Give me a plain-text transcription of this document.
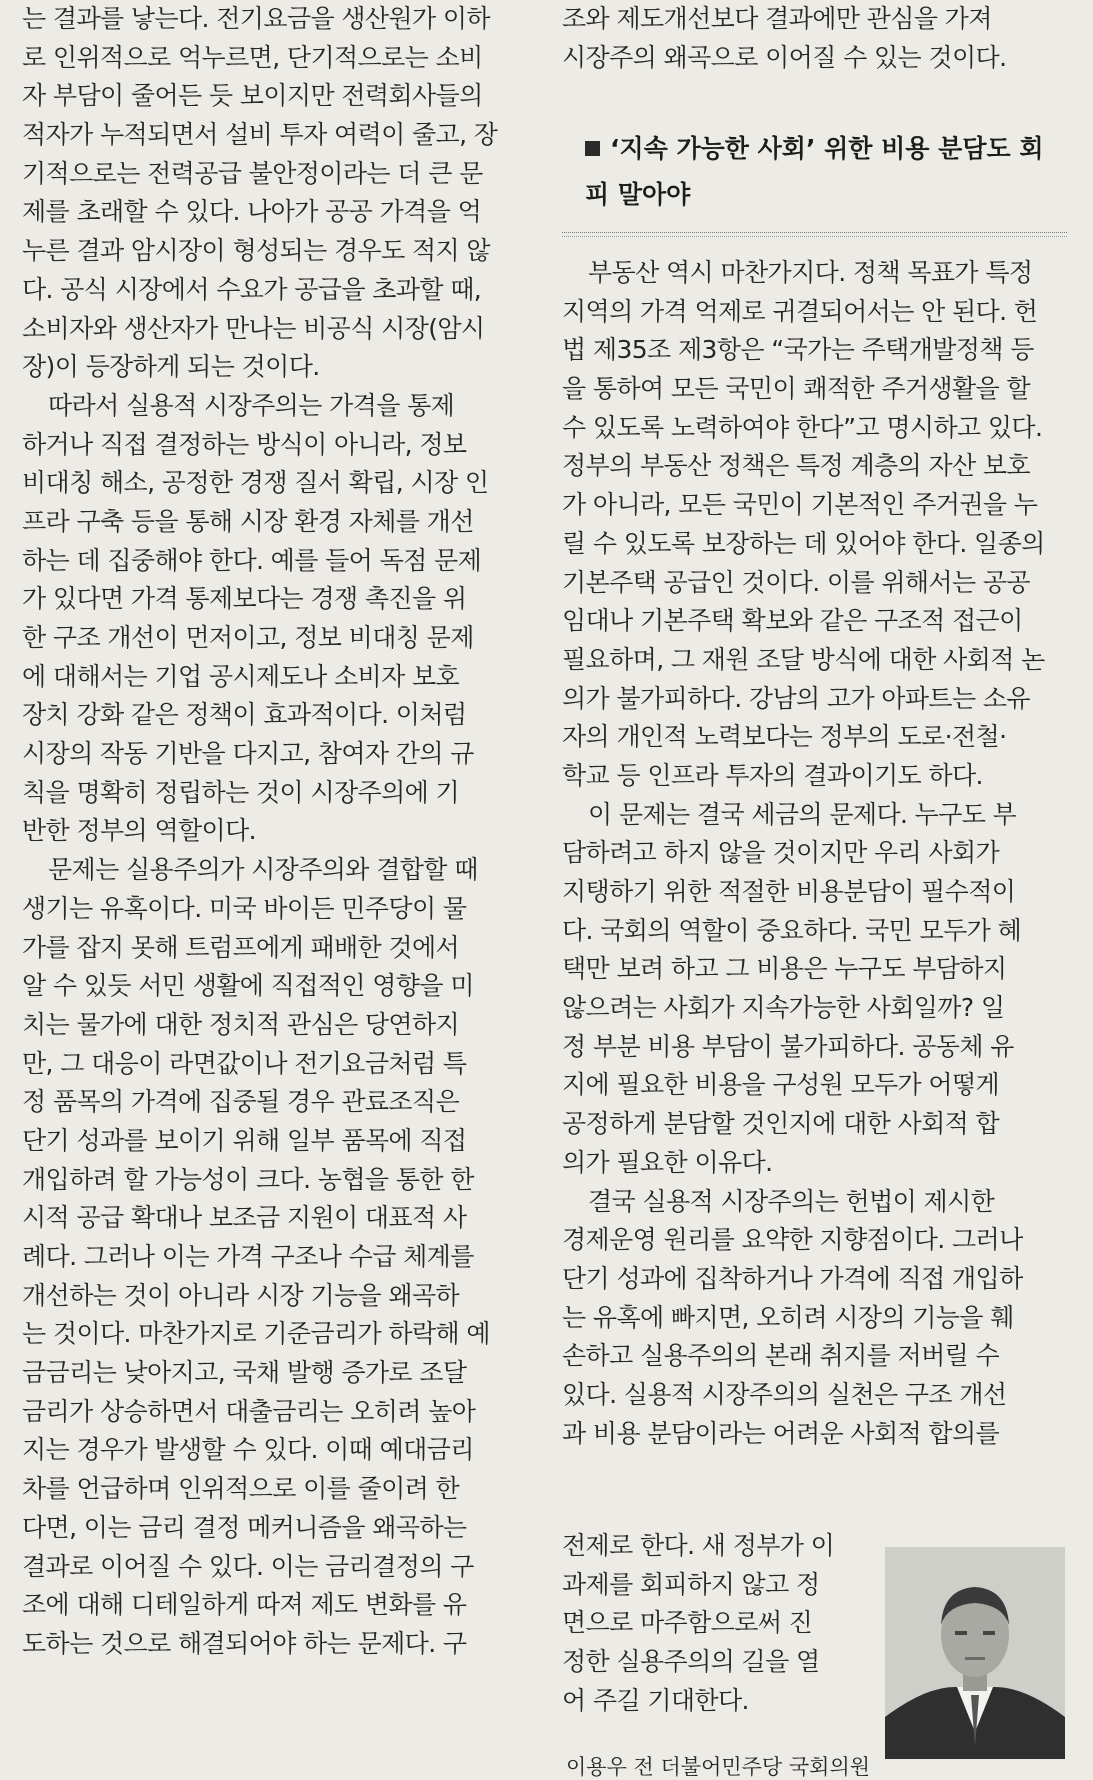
는 결과를 낳는다. 전기요금을 생산원가 이하

로 인위적으로 억누르면, 단기적으로는 소비

자 부담이 줄어든 듯 보이지만 전력회사들의

적자가 누적되면서 설비 투자 여력이 줄고, 장

기적으로는 전력공급 불안정이라는 더 큰 문

제를 초래할 수 있다. 나아가 공공 가격을 억

누른 결과 암시장이 형성되는 경우도 적지 않

다. 공식 시장에서 수요가 공급을 초과할 때,

소비자와 생산자가 만나는 비공식 시장(암시

장)이 등장하게 되는 것이다.

따라서 실용적 시장주의는 가격을 통제

하거나 직접 결정하는 방식이 아니라, 정보

비대칭 해소, 공정한 경쟁 질서 확립, 시장 인

프라 구축 등을 통해 시장 환경 자체를 개선

하는 데 집중해야 한다. 예를 들어 독점 문제

가 있다면 가격 통제보다는 경쟁 촉진을 위

한 구조 개선이 먼저이고, 정보 비대칭 문제

에 대해서는 기업 공시제도나 소비자 보호

장치 강화 같은 정책이 효과적이다. 이처럼

시장의 작동 기반을 다지고, 참여자 간의 규

칙을 명확히 정립하는 것이 시장주의에 기

반한 정부의 역할이다.

문제는 실용주의가 시장주의와 결합할 때

생기는 유혹이다. 미국 바이든 민주당이 물

가를 잡지 못해 트럼프에게 패배한 것에서

알 수 있듯 서민 생활에 직접적인 영향을 미

치는 물가에 대한 정치적 관심은 당연하지

만, 그 대응이 라면값이나 전기요금처럼 특

정 품목의 가격에 집중될 경우 관료조직은

단기 성과를 보이기 위해 일부 품목에 직접

개입하려 할 가능성이 크다. 농협을 통한 한

시적 공급 확대나 보조금 지원이 대표적 사

례다. 그러나 이는 가격 구조나 수급 체계를

개선하는 것이 아니라 시장 기능을 왜곡하

는 것이다. 마찬가지로 기준금리가 하락해 예

금금리는 낮아지고, 국채 발행 증가로 조달

금리가 상승하면서 대출금리는 오히려 높아

지는 경우가 발생할 수 있다. 이때 예대금리

차를 언급하며 인위적으로 이를 줄이려 한

다면, 이는 금리 결정 메커니즘을 왜곡하는

결과로 이어질 수 있다. 이는 금리결정의 구

조에 대해 디테일하게 따져 제도 변화를 유

도하는 것으로 해결되어야 하는 문제다. 구

조와 제도개선보다 결과에만 관심을 가져

시장주의 왜곡으로 이어질 수 있는 것이다.

‘지속 가능한 사회’ 위한 비용 분담도 회피 말아야

부동산 역시 마찬가지다. 정책 목표가 특정

지역의 가격 억제로 귀결되어서는 안 된다. 헌

법 제35조 제3항은 “국가는 주택개발정책 등

을 통하여 모든 국민이 쾌적한 주거생활을 할

수 있도록 노력하여야 한다”고 명시하고 있다.

정부의 부동산 정책은 특정 계층의 자산 보호

가 아니라, 모든 국민이 기본적인 주거권을 누

릴 수 있도록 보장하는 데 있어야 한다. 일종의

기본주택 공급인 것이다. 이를 위해서는 공공

임대나 기본주택 확보와 같은 구조적 접근이

필요하며, 그 재원 조달 방식에 대한 사회적 논

의가 불가피하다. 강남의 고가 아파트는 소유

자의 개인적 노력보다는 정부의 도로·전철·

학교 등 인프라 투자의 결과이기도 하다.

이 문제는 결국 세금의 문제다. 누구도 부

담하려고 하지 않을 것이지만 우리 사회가

지탱하기 위한 적절한 비용분담이 필수적이

다. 국회의 역할이 중요하다. 국민 모두가 혜

택만 보려 하고 그 비용은 누구도 부담하지

않으려는 사회가 지속가능한 사회일까? 일

정 부분 비용 부담이 불가피하다. 공동체 유

지에 필요한 비용을 구성원 모두가 어떻게

공정하게 분담할 것인지에 대한 사회적 합

의가 필요한 이유다.

결국 실용적 시장주의는 헌법이 제시한

경제운영 원리를 요약한 지향점이다. 그러나

단기 성과에 집착하거나 가격에 직접 개입하

는 유혹에 빠지면, 오히려 시장의 기능을 훼

손하고 실용주의의 본래 취지를 저버릴 수

있다. 실용적 시장주의의 실천은 구조 개선

과 비용 분담이라는 어려운 사회적 합의를

전제로 한다. 새 정부가 이

과제를 회피하지 않고 정

면으로 마주함으로써 진

정한 실용주의의 길을 열

어 주길 기대한다.

이용우 전 더불어민주당 국회의원
